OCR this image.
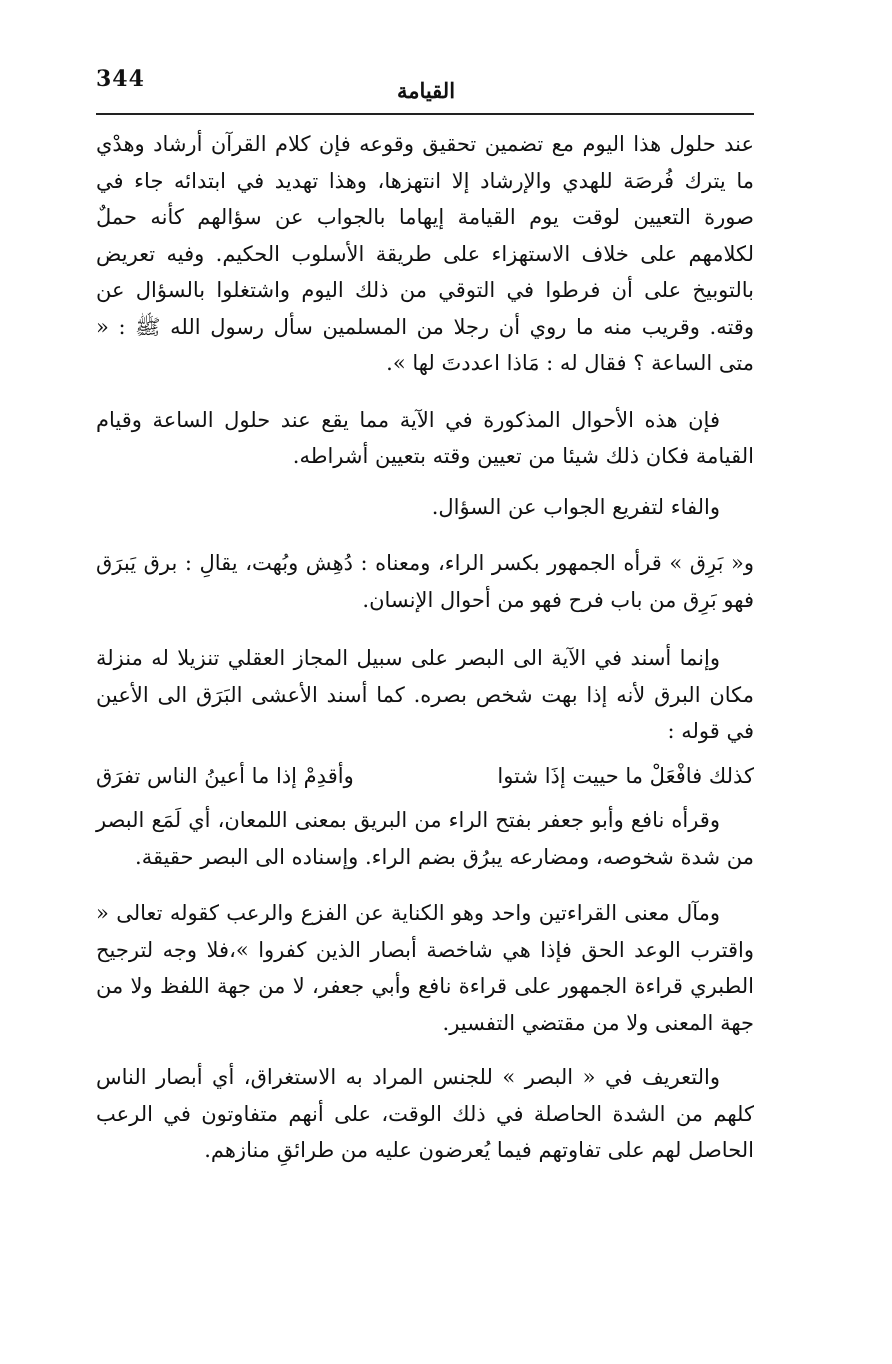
344	القيامة

عند حلول هذا اليوم مع تضمين تحقيق وقوعه فإن كلام القرآن أرشاد وهدْي ما يترك فُرصَة للهدي والإرشاد إلا انتهزها، وهذا تهديد في ابتدائه جاء في صورة التعيين لوقت يوم القيامة إيهاما بالجواب عن سؤالهم كأنه حملٌ لكلامهم على خلاف الاستهزاء على طريقة الأسلوب الحكيم. وفيه تعريض بالتوبيخ على أن فرطوا في التوقي من ذلك اليوم واشتغلوا بالسؤال عن وقته. وقريب منه ما روي أن رجلا من المسلمين سأل رسول الله ﷺ : « متى الساعة ؟ فقال له : مَاذا اعددتَ لها ».

فإن هذه الأحوال المذكورة في الآية مما يقع عند حلول الساعة وقيام القيامة فكان ذلك شيئا من تعيين وقته بتعيين أشراطه.

والفاء لتفريع الجواب عن السؤال.

و« بَرِق » قرأه الجمهور بكسر الراء، ومعناه : دُهِش وبُهت، يقالِ : برق يَبرَق فهو بَرِق من باب فرح فهو من أحوال الإنسان.

وإنما أسند في الآية الى البصر على سبيل المجاز العقلي تنزيلا له منزلة مكان البرق لأنه إذا بهت شخص بصره. كما أسند الأعشى البَرَق الى الأعين في قوله :

كذلك فافْعَلْ ما حييت إذَا شتوا
وأقدِمْ إذا ما أعينُ الناس تفرَق

وقرأه نافع وأبو جعفر بفتح الراء من البريق بمعنى اللمعان، أي لَمَع البصر من شدة شخوصه، ومضارعه يبرُق بضم الراء. وإسناده الى البصر حقيقة.

ومآل معنى القراءتين واحد وهو الكناية عن الفزع والرعب كقوله تعالى « واقترب الوعد الحق فإذا هي شاخصة أبصار الذين كفروا »،فلا وجه لترجيح الطبري قراءة الجمهور على قراءة نافع وأبي جعفر، لا من جهة اللفظ ولا من جهة المعنى ولا من مقتضي التفسير.

والتعريف في « البصر » للجنس المراد به الاستغراق، أي أبصار الناس كلهم من الشدة الحاصلة في ذلك الوقت، على أنهم متفاوتون في الرعب الحاصل لهم على تفاوتهم فيما يُعرضون عليه من طرائقِ منازهم.
